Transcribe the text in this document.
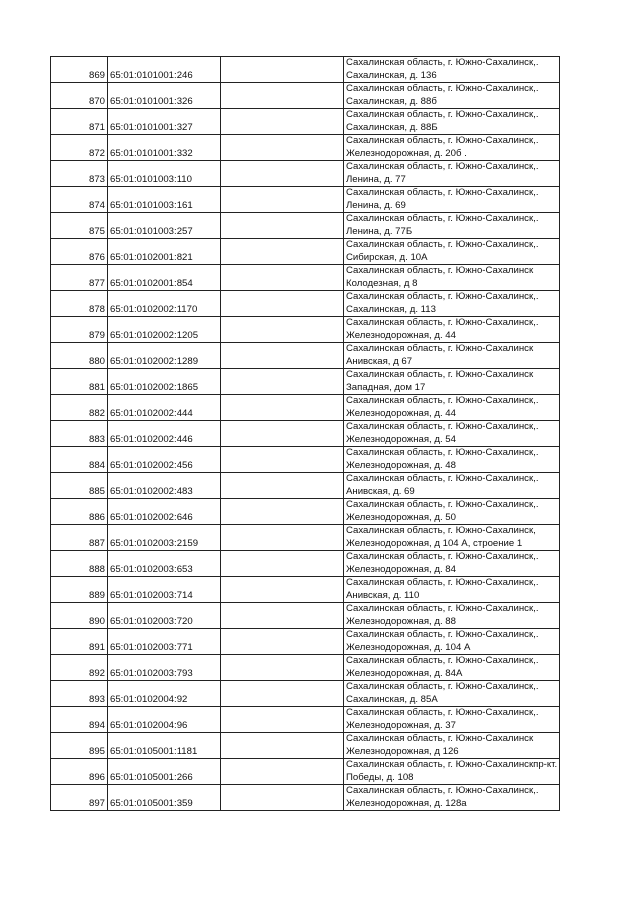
869	65:01:0101001:246		Сахалинская область, г. Южно-Сахалинск,.
Сахалинская, д. 136

870	65:01:0101001:326		Сахалинская область, г. Южно-Сахалинск,.
Сахалинская, д. 88б

871	65:01:0101001:327		Сахалинская область, г. Южно-Сахалинск,.
Сахалинская, д. 88Б

872	65:01:0101001:332		Сахалинская область, г. Южно-Сахалинск,.
Железнодорожная, д. 20б .

873	65:01:0101003:110		Сахалинская область, г. Южно-Сахалинск,.
Ленина, д. 77

874	65:01:0101003:161		Сахалинская область, г. Южно-Сахалинск,.
Ленина, д. 69

875	65:01:0101003:257		Сахалинская область, г. Южно-Сахалинск,.
Ленина, д. 77Б

876	65:01:0102001:821		Сахалинская область, г. Южно-Сахалинск,.
Сибирская, д. 10А

877	65:01:0102001:854		Сахалинская область, г. Южно-Сахалинск
Колодезная, д 8

878	65:01:0102002:1170		Сахалинская область, г. Южно-Сахалинск,.
Сахалинская, д. 113

879	65:01:0102002:1205		Сахалинская область, г. Южно-Сахалинск,.
Железнодорожная, д. 44

880	65:01:0102002:1289		Сахалинская область, г. Южно-Сахалинск
Анивская, д 67

881	65:01:0102002:1865		Сахалинская область, г. Южно-Сахалинск
Западная, дом 17

882	65:01:0102002:444		Сахалинская область, г. Южно-Сахалинск,.
Железнодорожная, д. 44

883	65:01:0102002:446		Сахалинская область, г. Южно-Сахалинск,.
Железнодорожная, д. 54

884	65:01:0102002:456		Сахалинская область, г. Южно-Сахалинск,.
Железнодорожная, д. 48

885	65:01:0102002:483		Сахалинская область, г. Южно-Сахалинск,.
Анивская, д. 69

886	65:01:0102002:646		Сахалинская область, г. Южно-Сахалинск,.
Железнодорожная, д. 50

887	65:01:0102003:2159		Сахалинская область, г. Южно-Сахалинск,
Железнодорожная, д 104 А, строение 1

888	65:01:0102003:653		Сахалинская область, г. Южно-Сахалинск,.
Железнодорожная, д. 84

889	65:01:0102003:714		Сахалинская область, г. Южно-Сахалинск,.
Анивская, д. 110

890	65:01:0102003:720		Сахалинская область, г. Южно-Сахалинск,.
Железнодорожная, д. 88

891	65:01:0102003:771		Сахалинская область, г. Южно-Сахалинск,.
Железнодорожная, д. 104 А

892	65:01:0102003:793		Сахалинская область, г. Южно-Сахалинск,.
Железнодорожная, д. 84А

893	65:01:0102004:92		Сахалинская область, г. Южно-Сахалинск,.
Сахалинская, д. 85А

894	65:01:0102004:96		Сахалинская область, г. Южно-Сахалинск,.
Железнодорожная, д. 37

895	65:01:0105001:1181		Сахалинская область, г. Южно-Сахалинск
Железнодорожная, д 126

896	65:01:0105001:266		Сахалинская область, г. Южно-Сахалинскпр-кт.
Победы, д. 108

897	65:01:0105001:359		Сахалинская область, г. Южно-Сахалинск,.
Железнодорожная, д. 128а
